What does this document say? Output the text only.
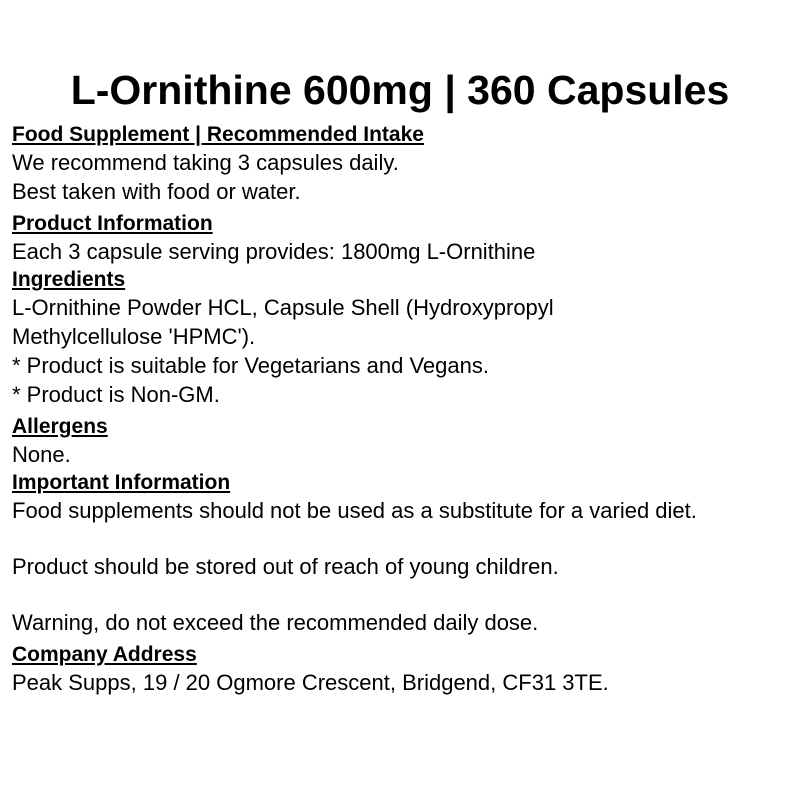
L-Ornithine 600mg | 360 Capsules
Food Supplement | Recommended Intake
We recommend taking 3 capsules daily.
Best taken with food or water.
Product Information
Each 3 capsule serving provides: 1800mg L-Ornithine
Ingredients
L-Ornithine Powder HCL, Capsule Shell (Hydroxypropyl
Methylcellulose 'HPMC').
* Product is suitable for Vegetarians and Vegans.
* Product is Non-GM.
Allergens
None.
Important Information
Food supplements should not be used as a substitute for a varied diet.
Product should be stored out of reach of young children.
Warning, do not exceed the recommended daily dose.
Company Address
Peak Supps, 19 / 20 Ogmore Crescent, Bridgend, CF31 3TE.
